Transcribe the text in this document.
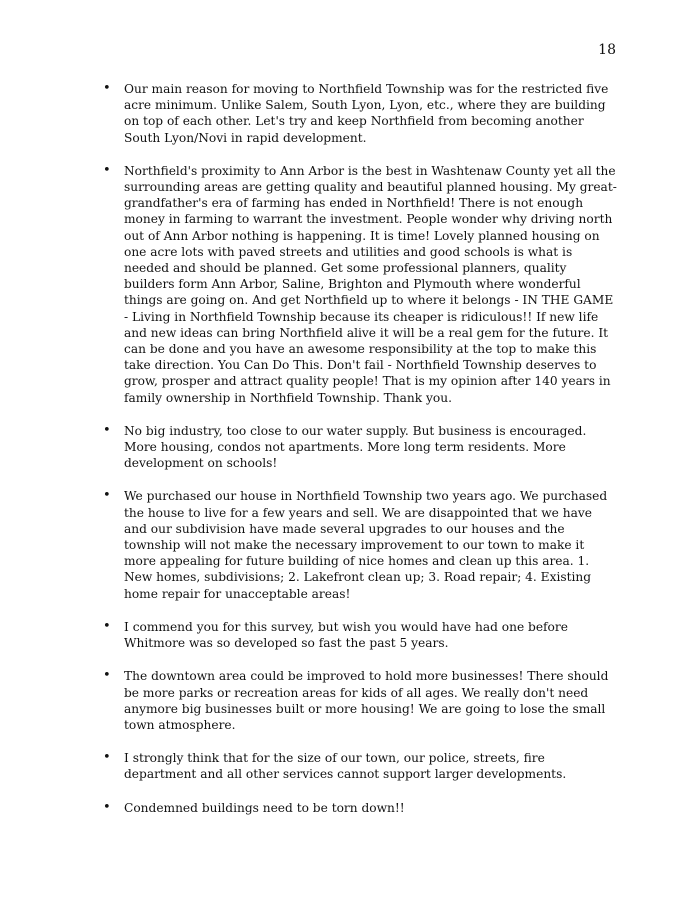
18

• Our main reason for moving to Northfield Township was for the restricted five acre minimum. Unlike Salem, South Lyon, Lyon, etc., where they are building on top of each other. Let's try and keep Northfield from becoming another South Lyon/Novi in rapid development.

• Northfield's proximity to Ann Arbor is the best in Washtenaw County yet all the surrounding areas are getting quality and beautiful planned housing. My great-grandfather's era of farming has ended in Northfield! There is not enough money in farming to warrant the investment. People wonder why driving north out of Ann Arbor nothing is happening. It is time! Lovely planned housing on one acre lots with paved streets and utilities and good schools is what is needed and should be planned. Get some professional planners, quality builders form Ann Arbor, Saline, Brighton and Plymouth where wonderful things are going on. And get Northfield up to where it belongs - IN THE GAME - Living in Northfield Township because its cheaper is ridiculous!! If new life and new ideas can bring Northfield alive it will be a real gem for the future. It can be done and you have an awesome responsibility at the top to make this take direction. You Can Do This. Don't fail - Northfield Township deserves to grow, prosper and attract quality people! That is my opinion after 140 years in family ownership in Northfield Township. Thank you.

• No big industry, too close to our water supply. But business is encouraged. More housing, condos not apartments. More long term residents. More development on schools!

• We purchased our house in Northfield Township two years ago. We purchased the house to live for a few years and sell. We are disappointed that we have and our subdivision have made several upgrades to our houses and the township will not make the necessary improvement to our town to make it more appealing for future building of nice homes and clean up this area. 1. New homes, subdivisions; 2. Lakefront clean up; 3. Road repair; 4. Existing home repair for unacceptable areas!

• I commend you for this survey, but wish you would have had one before Whitmore was so developed so fast the past 5 years.

• The downtown area could be improved to hold more businesses! There should be more parks or recreation areas for kids of all ages. We really don't need anymore big businesses built or more housing! We are going to lose the small town atmosphere.

• I strongly think that for the size of our town, our police, streets, fire department and all other services cannot support larger developments.

• Condemned buildings need to be torn down!!
